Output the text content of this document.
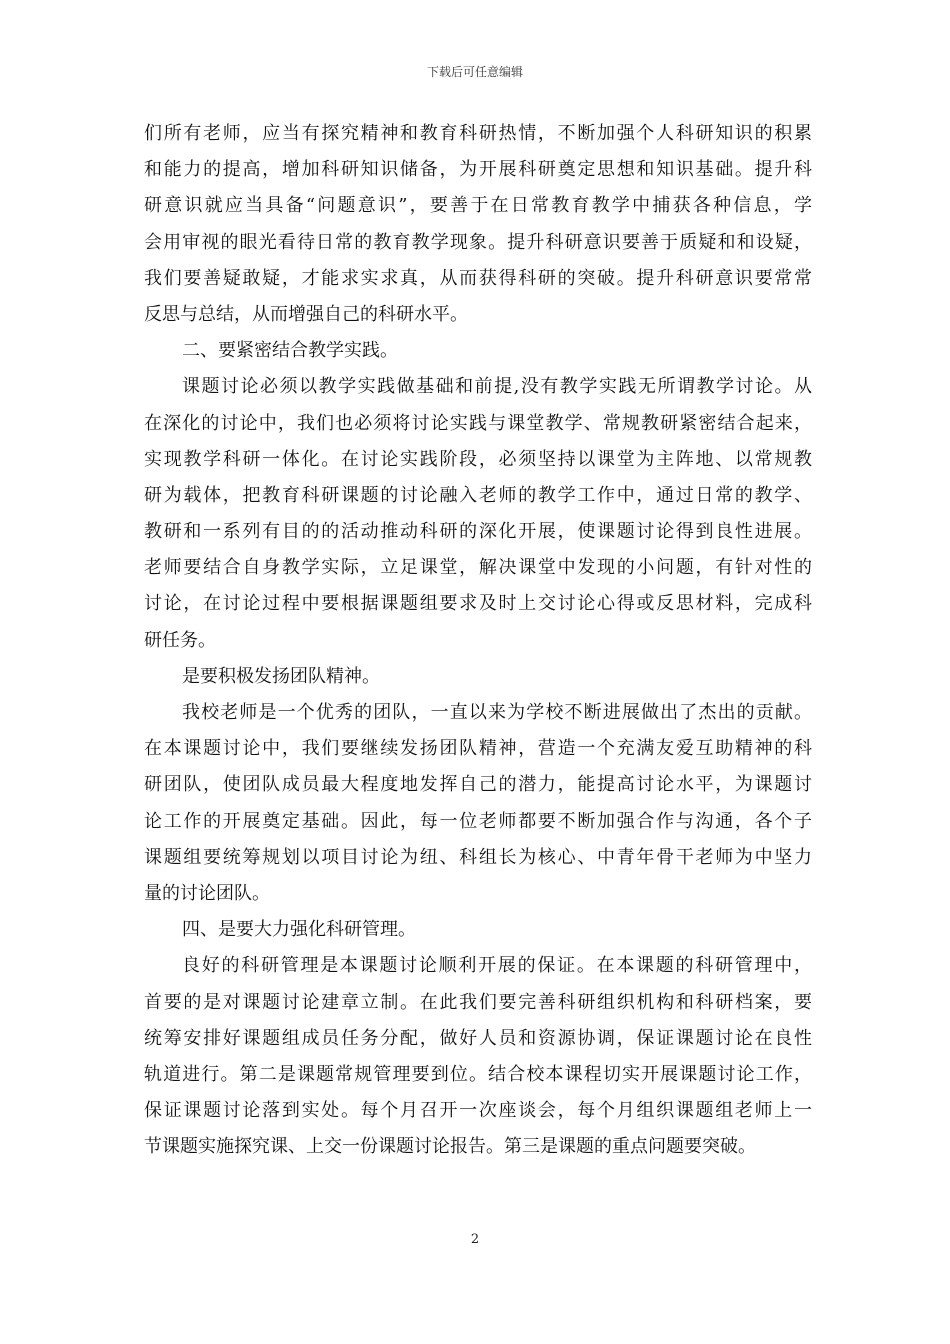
下载后可任意编辑
们所有老师，应当有探究精神和教育科研热情，不断加强个人科研知识的积累
和能力的提高，增加科研知识储备，为开展科研奠定思想和知识基础。提升科
研意识就应当具备“问题意识”，要善于在日常教育教学中捕获各种信息，学
会用审视的眼光看待日常的教育教学现象。提升科研意识要善于质疑和和设疑，
我们要善疑敢疑，才能求实求真，从而获得科研的突破。提升科研意识要常常
反思与总结，从而增强自己的科研水平。
二、要紧密结合教学实践。
课题讨论必须以教学实践做基础和前提,没有教学实践无所谓教学讨论。从
在深化的讨论中，我们也必须将讨论实践与课堂教学、常规教研紧密结合起来，
实现教学科研一体化。在讨论实践阶段，必须坚持以课堂为主阵地、以常规教
研为载体，把教育科研课题的讨论融入老师的教学工作中，通过日常的教学、
教研和一系列有目的的活动推动科研的深化开展，使课题讨论得到良性进展。
老师要结合自身教学实际，立足课堂，解决课堂中发现的小问题，有针对性的
讨论，在讨论过程中要根据课题组要求及时上交讨论心得或反思材料，完成科
研任务。
是要积极发扬团队精神。
我校老师是一个优秀的团队，一直以来为学校不断进展做出了杰出的贡献。
在本课题讨论中，我们要继续发扬团队精神，营造一个充满友爱互助精神的科
研团队，使团队成员最大程度地发挥自己的潜力，能提高讨论水平，为课题讨
论工作的开展奠定基础。因此，每一位老师都要不断加强合作与沟通，各个子
课题组要统筹规划以项目讨论为纽、科组长为核心、中青年骨干老师为中坚力
量的讨论团队。
四、是要大力强化科研管理。
良好的科研管理是本课题讨论顺利开展的保证。在本课题的科研管理中，
首要的是对课题讨论建章立制。在此我们要完善科研组织机构和科研档案，要
统筹安排好课题组成员任务分配，做好人员和资源协调，保证课题讨论在良性
轨道进行。第二是课题常规管理要到位。结合校本课程切实开展课题讨论工作，
保证课题讨论落到实处。每个月召开一次座谈会，每个月组织课题组老师上一
节课题实施探究课、上交一份课题讨论报告。第三是课题的重点问题要突破。
2
